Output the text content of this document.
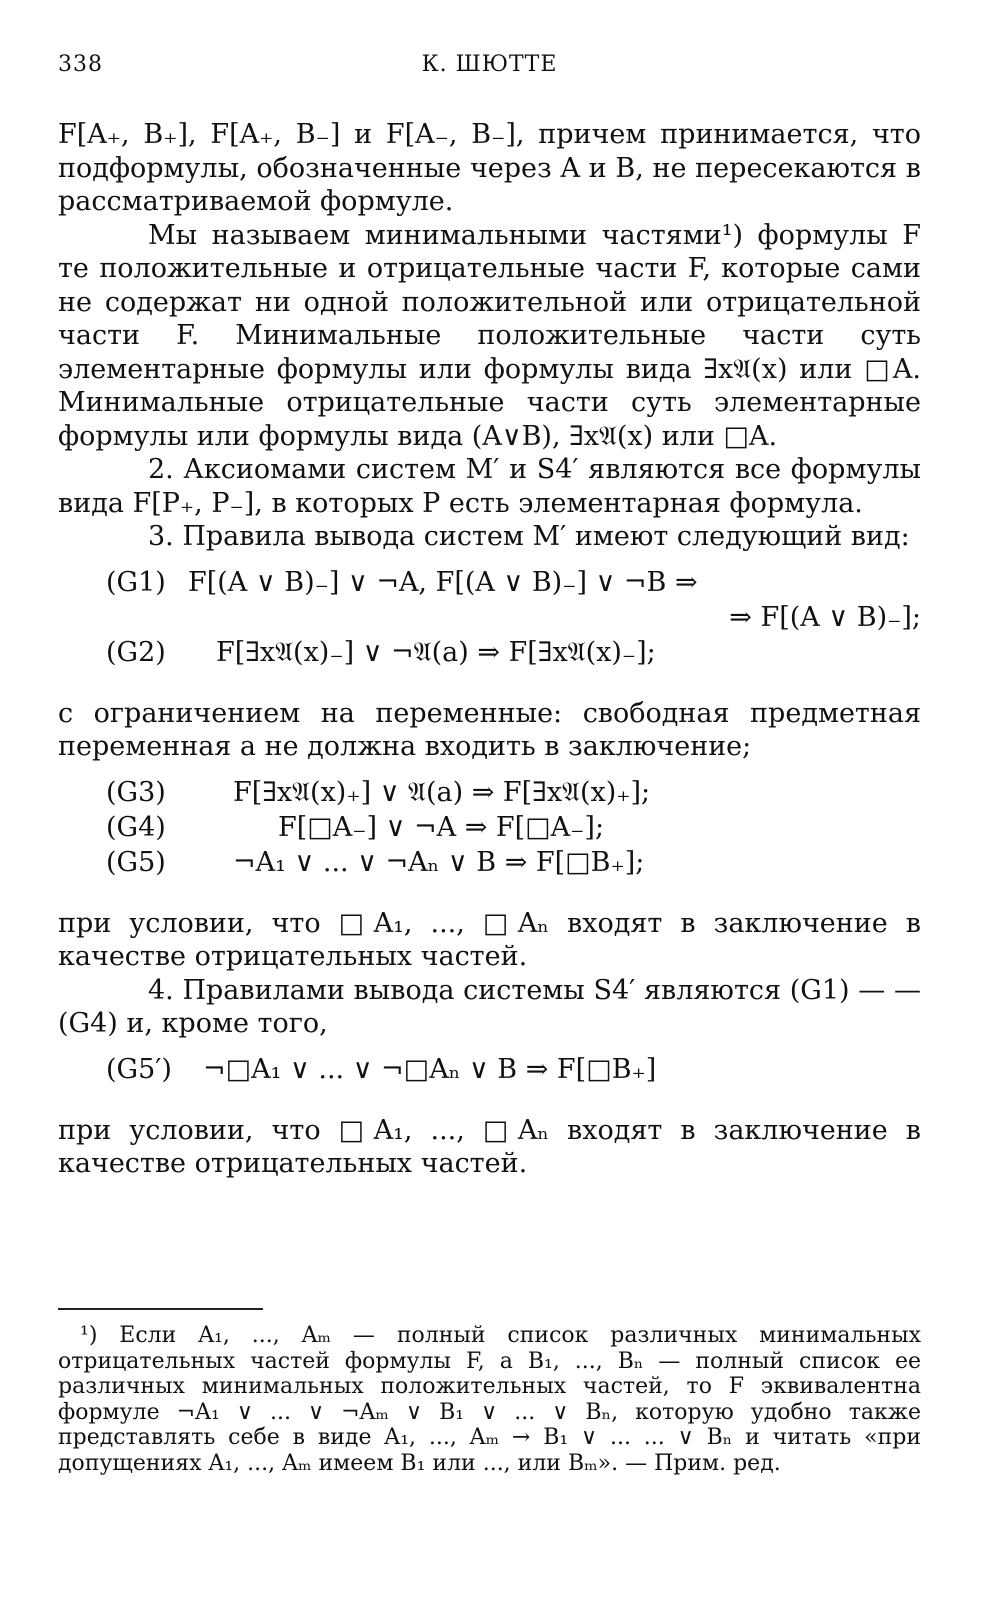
338	К. ШЮТТЕ

F[A₊, B₊], F[A₊, B₋] и F[A₋, B₋], причем принимается, что подформулы, обозначенные через A и B, не пересекаются в рассматриваемой формуле.

Мы называем минимальными частями¹) формулы F те положительные и отрицательные части F, которые сами не содержат ни одной положительной или отрицательной части F. Минимальные положительные части суть элементарные формулы или формулы вида ∃x𝔄(x) или □A. Минимальные отрицательные части суть элементарные формулы или формулы вида (A∨B), ∃x𝔄(x) или □A.

2. Аксиомами систем M′ и S4′ являются все формулы вида F[P₊, P₋], в которых P есть элементарная формула.

3. Правила вывода систем M′ имеют следующий вид:

(G1) F[(A ∨ B)₋] ∨ ¬A, F[(A ∨ B)₋] ∨ ¬B ⇒
⇒ F[(A ∨ B)₋];
(G2) F[∃x𝔄(x)₋] ∨ ¬𝔄(a) ⇒ F[∃x𝔄(x)₋];

с ограничением на переменные: свободная предметная переменная a не должна входить в заключение;

(G3) F[∃x𝔄(x)₊] ∨ 𝔄(a) ⇒ F[∃x𝔄(x)₊];
(G4)	F[□A₋] ∨ ¬A ⇒ F[□A₋];
(G5) ¬A₁ ∨ ... ∨ ¬Aₙ ∨ B ⇒ F[□B₊];

при условии, что □A₁, ..., □Aₙ входят в заключение в качестве отрицательных частей.

4. Правилами вывода системы S4′ являются (G1) — — (G4) и, кроме того,

(G5′) ¬□A₁ ∨ ... ∨ ¬□Aₙ ∨ B ⇒ F[□B₊]

при условии, что □A₁, ..., □Aₙ входят в заключение в качестве отрицательных частей.

¹) Если A₁, ..., Aₘ — полный список различных минимальных отрицательных частей формулы F, а B₁, ..., Bₙ — полный список ее различных минимальных положительных частей, то F эквивалентна формуле ¬A₁ ∨ ... ∨ ¬Aₘ ∨ B₁ ∨ ... ∨ Bₙ, которую удобно также представлять себе в виде A₁, ..., Aₘ → B₁ ∨ ... ... ∨ Bₙ и читать «при допущениях A₁, ..., Aₘ имеем B₁ или ..., или Bₘ». — Прим. ред.
